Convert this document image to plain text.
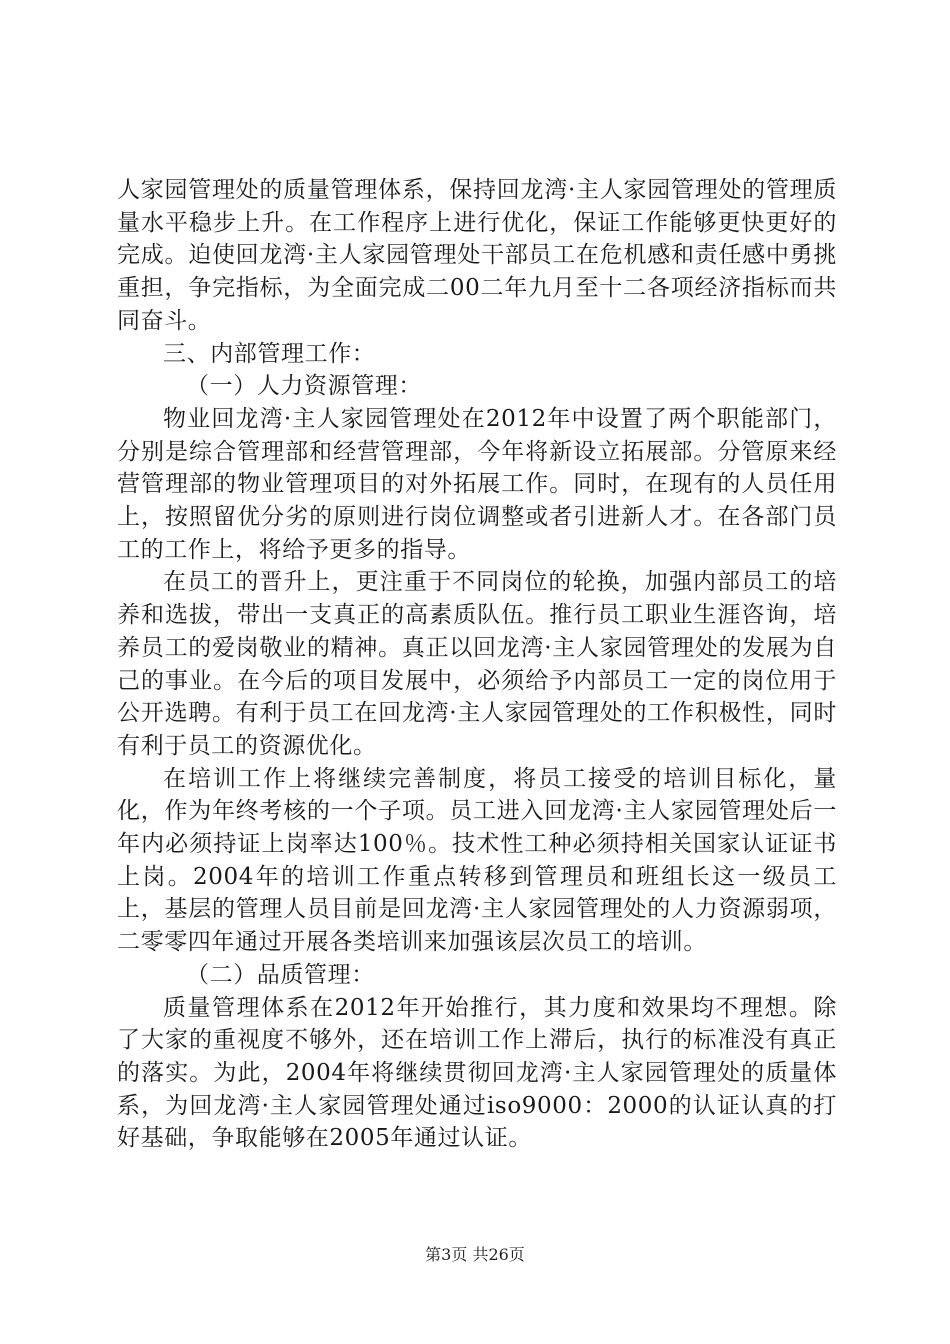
人家园管理处的质量管理体系，保持回龙湾·主人家园管理处的管理质量水平稳步上升。在工作程序上进行优化，保证工作能够更快更好的完成。迫使回龙湾·主人家园管理处干部员工在危机感和责任感中勇挑重担，争完指标，为全面完成二00二年九月至十二各项经济指标而共同奋斗。

三、内部管理工作：

（一）人力资源管理：

物业回龙湾·主人家园管理处在2012年中设置了两个职能部门，分别是综合管理部和经营管理部，今年将新设立拓展部。分管原来经营管理部的物业管理项目的对外拓展工作。同时，在现有的人员任用上，按照留优分劣的原则进行岗位调整或者引进新人才。在各部门员工的工作上，将给予更多的指导。

在员工的晋升上，更注重于不同岗位的轮换，加强内部员工的培养和选拔，带出一支真正的高素质队伍。推行员工职业生涯咨询，培养员工的爱岗敬业的精神。真正以回龙湾·主人家园管理处的发展为自己的事业。在今后的项目发展中，必须给予内部员工一定的岗位用于公开选聘。有利于员工在回龙湾·主人家园管理处的工作积极性，同时有利于员工的资源优化。

在培训工作上将继续完善制度，将员工接受的培训目标化，量化，作为年终考核的一个子项。员工进入回龙湾·主人家园管理处后一年内必须持证上岗率达100％。技术性工种必须持相关国家认证证书上岗。2004年的培训工作重点转移到管理员和班组长这一级员工上，基层的管理人员目前是回龙湾·主人家园管理处的人力资源弱项，二零零四年通过开展各类培训来加强该层次员工的培训。

（二）品质管理：

质量管理体系在2012年开始推行，其力度和效果均不理想。除了大家的重视度不够外，还在培训工作上滞后，执行的标准没有真正的落实。为此，2004年将继续贯彻回龙湾·主人家园管理处的质量体系，为回龙湾·主人家园管理处通过iso9000：2000的认证认真的打好基础，争取能够在2005年通过认证。

第3页 共26页
